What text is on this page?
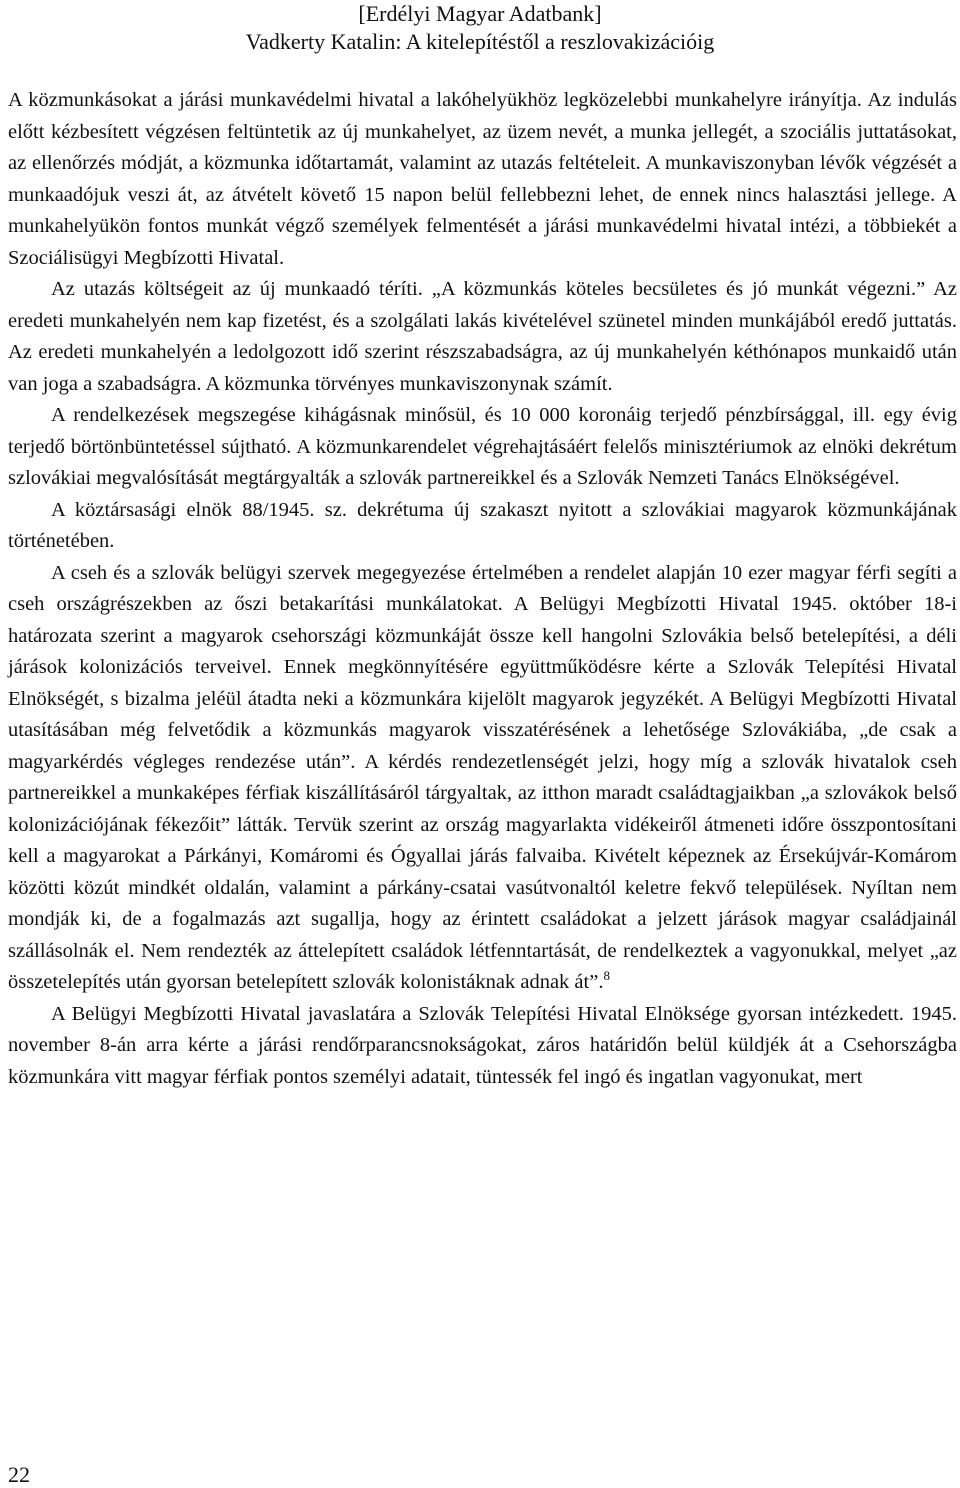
[Erdélyi Magyar Adatbank]
Vadkerty Katalin: A kitelepítéstől a reszlovakizációig

A közmunkásokat a járási munkavédelmi hivatal a lakóhelyükhöz legközelebbi munkahelyre irányítja. Az indulás előtt kézbesített végzésen feltüntetik az új munkahelyet, az üzem nevét, a munka jellegét, a szociális juttatásokat, az ellenőrzés módját, a közmunka időtartamát, valamint az utazás feltételeit. A munkaviszonyban lévők végzését a munkaadójuk veszi át, az átvételt követő 15 napon belül fellebbezni lehet, de ennek nincs halasztási jellege. A munkahelyükön fontos munkát végző személyek felmentését a járási munkavédelmi hivatal intézi, a többiekét a Szociálisügyi Megbízotti Hivatal.

Az utazás költségeit az új munkaadó téríti. „A közmunkás köteles becsületes és jó munkát végezni.” Az eredeti munkahelyén nem kap fizetést, és a szolgálati lakás kivételével szünetel minden munkájából eredő juttatás. Az eredeti munkahelyén a ledolgozott idő szerint részszabadságra, az új munkahelyén kéthónapos munkaidő után van joga a szabadságra. A közmunka törvényes munkaviszonynak számít.

A rendelkezések megszegése kihágásnak minősül, és 10 000 koronáig terjedő pénzbírsággal, ill. egy évig terjedő börtönbüntetéssel sújtható. A közmunkarendelet végrehajtásáért felelős minisztériumok az elnöki dekrétum szlovákiai megvalósítását megtárgyalták a szlovák partnereikkel és a Szlovák Nemzeti Tanács Elnökségével.

A köztársasági elnök 88/1945. sz. dekrétuma új szakaszt nyitott a szlovákiai magyarok közmunkájának történetében.

A cseh és a szlovák belügyi szervek megegyezése értelmében a rendelet alapján 10 ezer magyar férfi segíti a cseh országrészekben az őszi betakarítási munkálatokat. A Belügyi Megbízotti Hivatal 1945. október 18-i határozata szerint a magyarok csehországi közmunkáját össze kell hangolni Szlovákia belső betelepítési, a déli járások kolonizációs terveivel. Ennek megkönnyítésére együttműködésre kérte a Szlovák Telepítési Hivatal Elnökségét, s bizalma jeléül átadta neki a közmunkára kijelölt magyarok jegyzékét. A Belügyi Megbízotti Hivatal utasításában még felvetődik a közmunkás magyarok visszatérésének a lehetősége Szlovákiába, „de csak a magyarkérdés végleges rendezése után”. A kérdés rendezetlenségét jelzi, hogy míg a szlovák hivatalok cseh partnereikkel a munkaképes férfiak kiszállításáról tárgyaltak, az itthon maradt családtagjaikban „a szlovákok belső kolonizációjának fékezőit” látták. Tervük szerint az ország magyarlakta vidékeiről átmeneti időre összpontosítani kell a magyarokat a Párkányi, Komáromi és Ógyallai járás falvaiba. Kivételt képeznek az Érsekújvár-Komárom közötti közút mindkét oldalán, valamint a párkány-csatai vasútvonaltól keletre fekvő települések. Nyíltan nem mondják ki, de a fogalmazás azt sugallja, hogy az érintett családokat a jelzett járások magyar családjainál szállásolnák el. Nem rendezték az áttelepített családok létfenntartását, de rendelkeztek a vagyonukkal, melyet „az összetelepítés után gyorsan betelepített szlovák kolonistáknak adnak át”.$^8$

A Belügyi Megbízotti Hivatal javaslatára a Szlovák Telepítési Hivatal Elnöksége gyorsan intézkedett. 1945. november 8-án arra kérte a járási rendőrparancsnokságokat, záros határidőn belül küldjék át a Csehországba közmunkára vitt magyar férfiak pontos személyi adatait, tüntessék fel ingó és ingatlan vagyonukat, mert

22
